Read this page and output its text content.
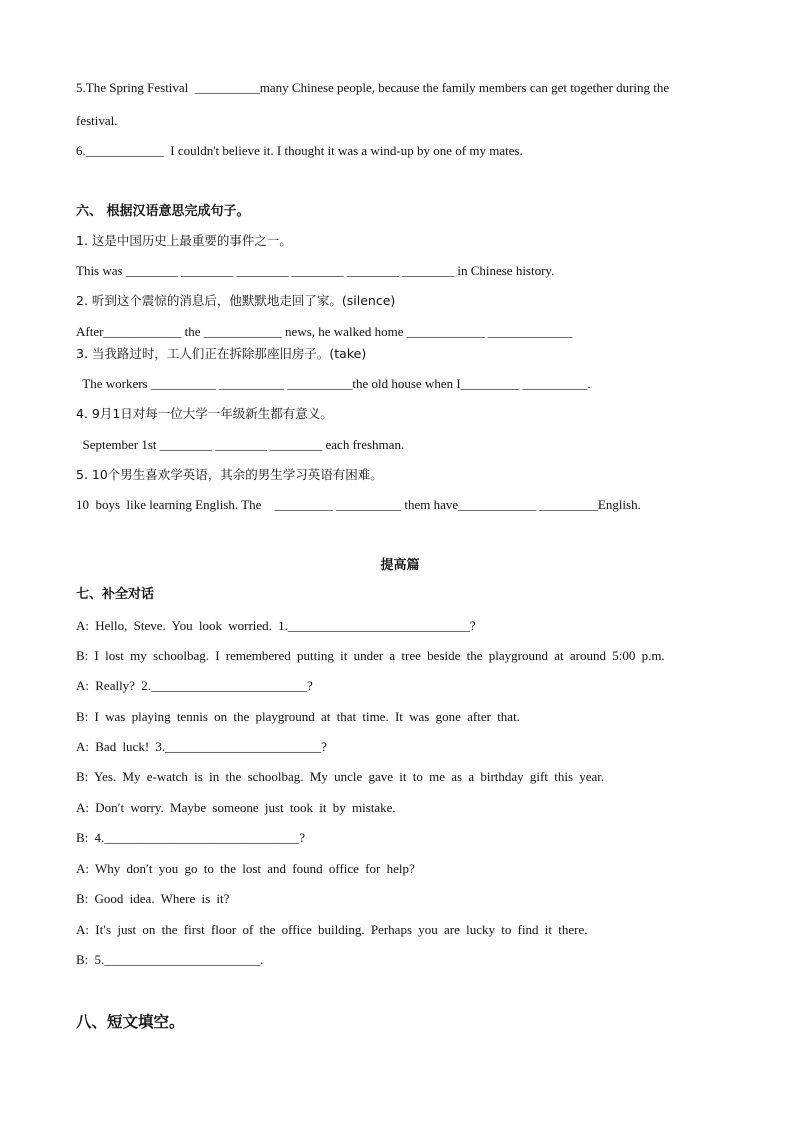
5.The Spring Festival  __________many Chinese people, because the family members can get together during the

festival.

6.____________  I couldn't believe it. I thought it was a wind-up by one of my mates.

六、 根据汉语意思完成句子。

1. 这是中国历史上最重要的事件之一。

This was ________ ________ ________ ________ ________ ________ in Chinese history.

2. 听到这个震惊的消息后，他默默地走回了家。(silence)

After____________ the ____________ news, he walked home ____________ _____________

3. 当我路过时，工人们正在拆除那座旧房子。(take)

The workers __________ __________ __________the old house when I_________ __________.

4. 9月1日对每一位大学一年级新生都有意义。

September 1st ________ ________ ________ each freshman.

5. 10个男生喜欢学英语，其余的男生学习英语有困难。

10  boys  like learning English. The    _________ __________ them have____________ _________English.

提高篇

七、补全对话

A: Hello, Steve. You look worried. 1.____________________________?

B: I lost my schoolbag. I remembered putting it under a tree beside the playground at around 5:00 p.m.

A: Really? 2.________________________?

B: I was playing tennis on the playground at that time. It was gone after that.

A: Bad luck! 3.________________________?

B: Yes. My e-watch is in the schoolbag. My uncle gave it to me as a birthday gift this year.

A: Don′t worry. Maybe someone just took it by mistake.

B: 4.______________________________?

A: Why don′t you go to the lost and found office for help?

B: Good idea. Where is it?

A: It′s just on the first floor of the office building. Perhaps you are lucky to find it there.

B: 5.________________________.

八、短文填空。
